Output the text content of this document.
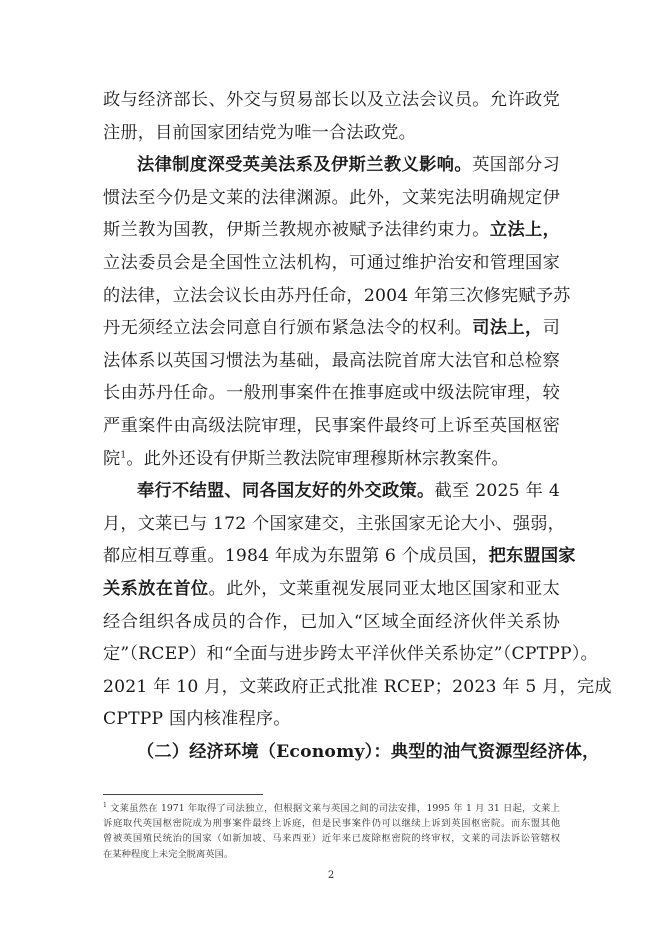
政与经济部长、外交与贸易部长以及立法会议员。允许政党
注册，目前国家团结党为唯一合法政党。
法律制度深受英美法系及伊斯兰教义影响。英国部分习
惯法至今仍是文莱的法律渊源。此外，文莱宪法明确规定伊
斯兰教为国教，伊斯兰教规亦被赋予法律约束力。立法上，
立法委员会是全国性立法机构，可通过维护治安和管理国家
的法律，立法会议长由苏丹任命，2004 年第三次修宪赋予苏
丹无须经立法会同意自行颁布紧急法令的权利。司法上，司
法体系以英国习惯法为基础，最高法院首席大法官和总检察
长由苏丹任命。一般刑事案件在推事庭或中级法院审理，较
严重案件由高级法院审理，民事案件最终可上诉至英国枢密
院$^1$。此外还设有伊斯兰教法院审理穆斯林宗教案件。
奉行不结盟、同各国友好的外交政策。截至 2025 年 4
月，文莱已与 172 个国家建交，主张国家无论大小、强弱，
都应相互尊重。1984 年成为东盟第 6 个成员国，把东盟国家
关系放在首位。此外，文莱重视发展同亚太地区国家和亚太
经合组织各成员的合作，已加入“区域全面经济伙伴关系协
定”（RCEP）和“全面与进步跨太平洋伙伴关系协定”（CPTPP）。
2021 年 10 月，文莱政府正式批准 RCEP；2023 年 5 月，完成
CPTPP 国内核准程序。
（二）经济环境（Economy）：典型的油气资源型经济体，
$^1$ 文莱虽然在 1971 年取得了司法独立，但根据文莱与英国之间的司法安排，1995 年 1 月 31 日起，文莱上
诉庭取代英国枢密院成为刑事案件最终上诉庭，但是民事案件仍可以继续上诉到英国枢密院。而东盟其他
曾被英国殖民统治的国家（如新加坡、马来西亚）近年来已废除枢密院的终审权，文莱的司法诉讼管辖权
在某种程度上未完全脱离英国。
2
